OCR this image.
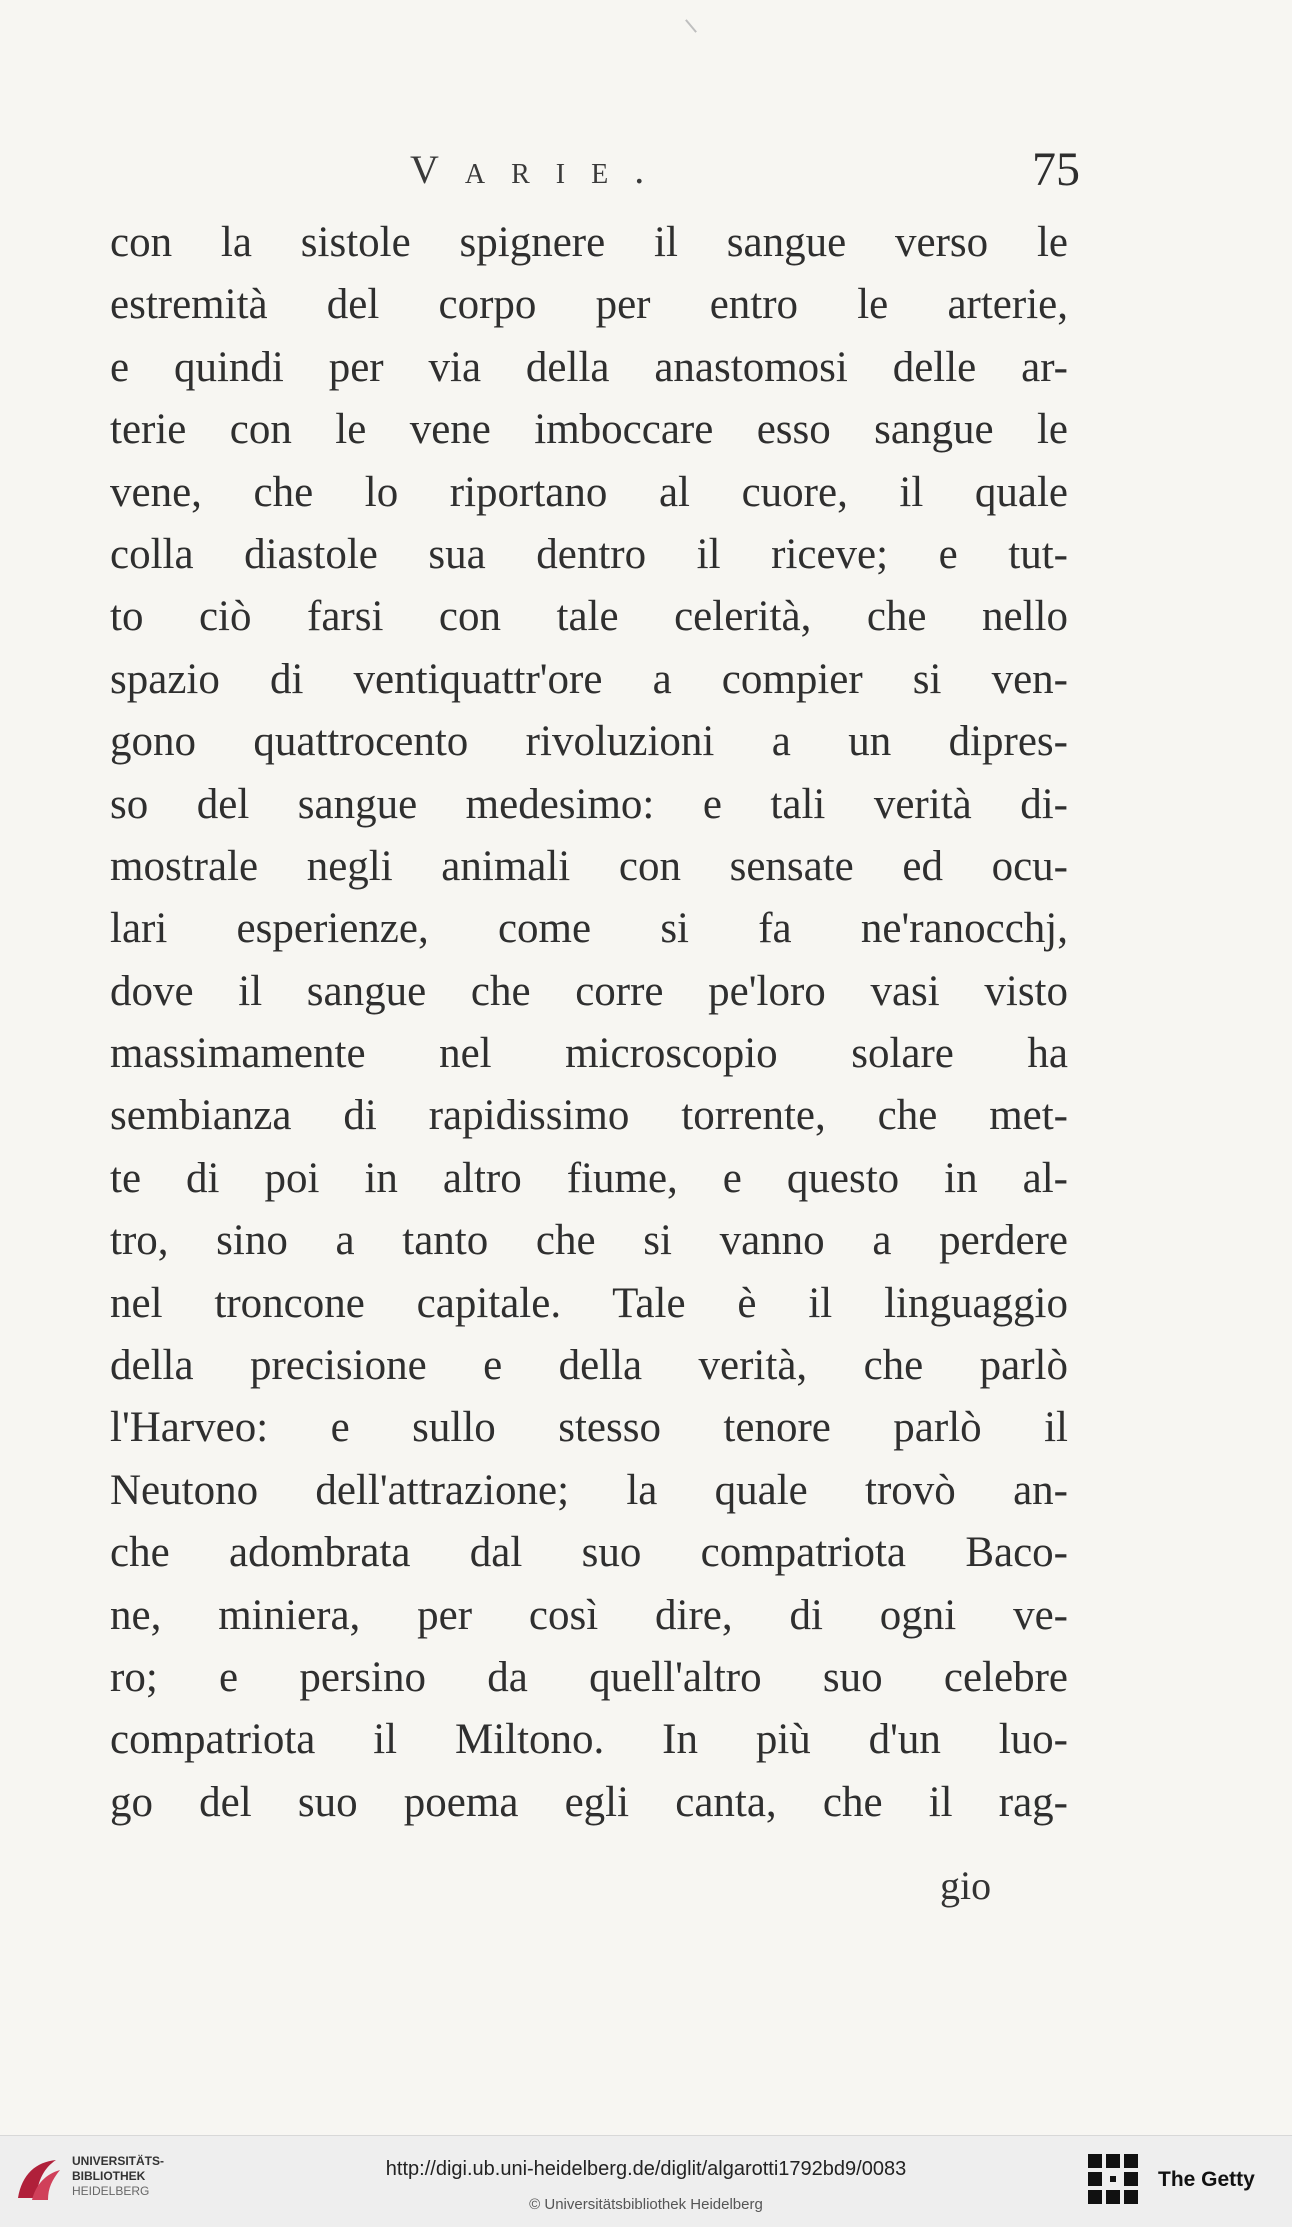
Varie.	75
con la sistole spignere il sangue verso le
estremità del corpo per entro le arterie,
e quindi per via della anastomosi delle ar-
terie con le vene imboccare esso sangue le
vene, che lo riportano al cuore, il quale
colla diastole sua dentro il riceve; e tut-
to ciò farsi con tale celerità, che nello
spazio di ventiquattr'ore a compier si ven-
gono quattrocento rivoluzioni a un dipres-
so del sangue medesimo: e tali verità di-
mostrale negli animali con sensate ed ocu-
lari esperienze, come si fa ne'ranocchj,
dove il sangue che corre pe'loro vasi visto
massimamente nel microscopio solare ha
sembianza di rapidissimo torrente, che met-
te di poi in altro fiume, e questo in al-
tro, sino a tanto che si vanno a perdere
nel troncone capitale. Tale è il linguaggio
della precisione e della verità, che parlò
l'Harveo: e sullo stesso tenore parlò il
Neutono dell'attrazione; la quale trovò an-
che adombrata dal suo compatriota Baco-
ne, miniera, per così dire, di ogni ve-
ro; e persino da quell'altro suo celebre
compatriota il Miltono. In più d'un luo-
go del suo poema egli canta, che il rag-
gio
UNIVERSITÄTS-
BIBLIOTHEK
HEIDELBERG
http://digi.ub.uni-heidelberg.de/diglit/algarotti1792bd9/0083
© Universitätsbibliothek Heidelberg
The Getty
